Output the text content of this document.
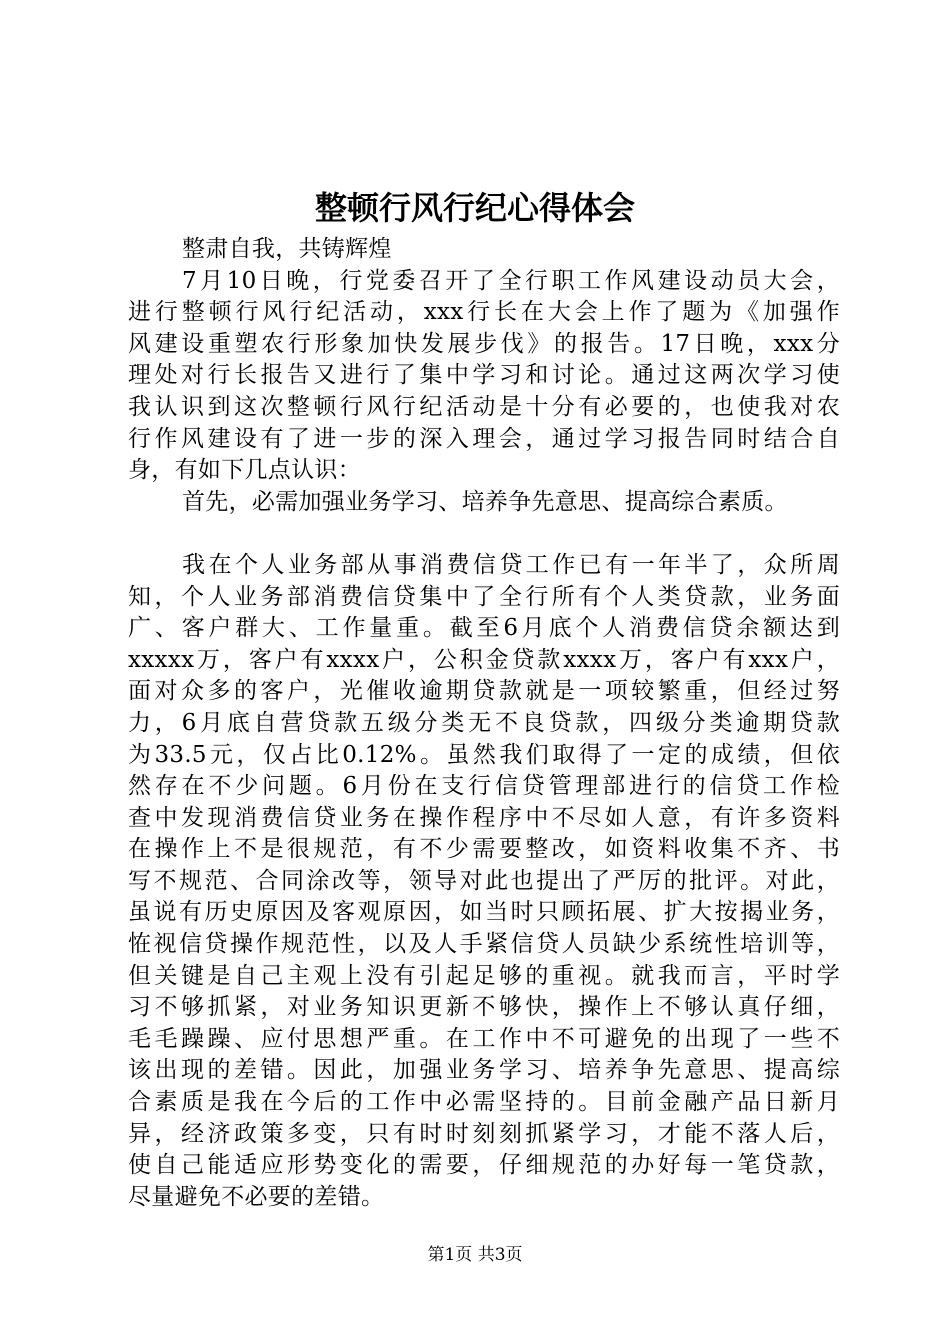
整顿行风行纪心得体会
整肃自我，共铸辉煌
7月10日晚，行党委召开了全行职工作风建设动员大会，
进行整顿行风行纪活动，xxx行长在大会上作了题为《加强作
风建设重塑农行形象加快发展步伐》的报告。17日晚，xxx分
理处对行长报告又进行了集中学习和讨论。通过这两次学习使
我认识到这次整顿行风行纪活动是十分有必要的，也使我对农
行作风建设有了进一步的深入理会，通过学习报告同时结合自
身，有如下几点认识：
首先，必需加强业务学习、培养争先意思、提高综合素质。
我在个人业务部从事消费信贷工作已有一年半了，众所周
知，个人业务部消费信贷集中了全行所有个人类贷款，业务面
广、客户群大、工作量重。截至6月底个人消费信贷余额达到
xxxxx万，客户有xxxx户，公积金贷款xxxx万，客户有xxx户，
面对众多的客户，光催收逾期贷款就是一项较繁重，但经过努
力，6月底自营贷款五级分类无不良贷款，四级分类逾期贷款
为33.5元，仅占比0.12%。虽然我们取得了一定的成绩，但依
然存在不少问题。6月份在支行信贷管理部进行的信贷工作检
查中发现消费信贷业务在操作程序中不尽如人意，有许多资料
在操作上不是很规范，有不少需要整改，如资料收集不齐、书
写不规范、合同涂改等，领导对此也提出了严厉的批评。对此，
虽说有历史原因及客观原因，如当时只顾拓展、扩大按揭业务，
恠视信贷操作规范性，以及人手紧信贷人员缺少系统性培训等，
但关键是自己主观上没有引起足够的重视。就我而言，平时学
习不够抓紧，对业务知识更新不够快，操作上不够认真仔细，
毛毛躁躁、应付思想严重。在工作中不可避免的出现了一些不
该出现的差错。因此，加强业务学习、培养争先意思、提高综
合素质是我在今后的工作中必需坚持的。目前金融产品日新月
异，经济政策多变，只有时时刻刻抓紧学习，才能不落人后，
使自己能适应形势变化的需要，仔细规范的办好每一笔贷款，
尽量避免不必要的差错。
第1页 共3页
